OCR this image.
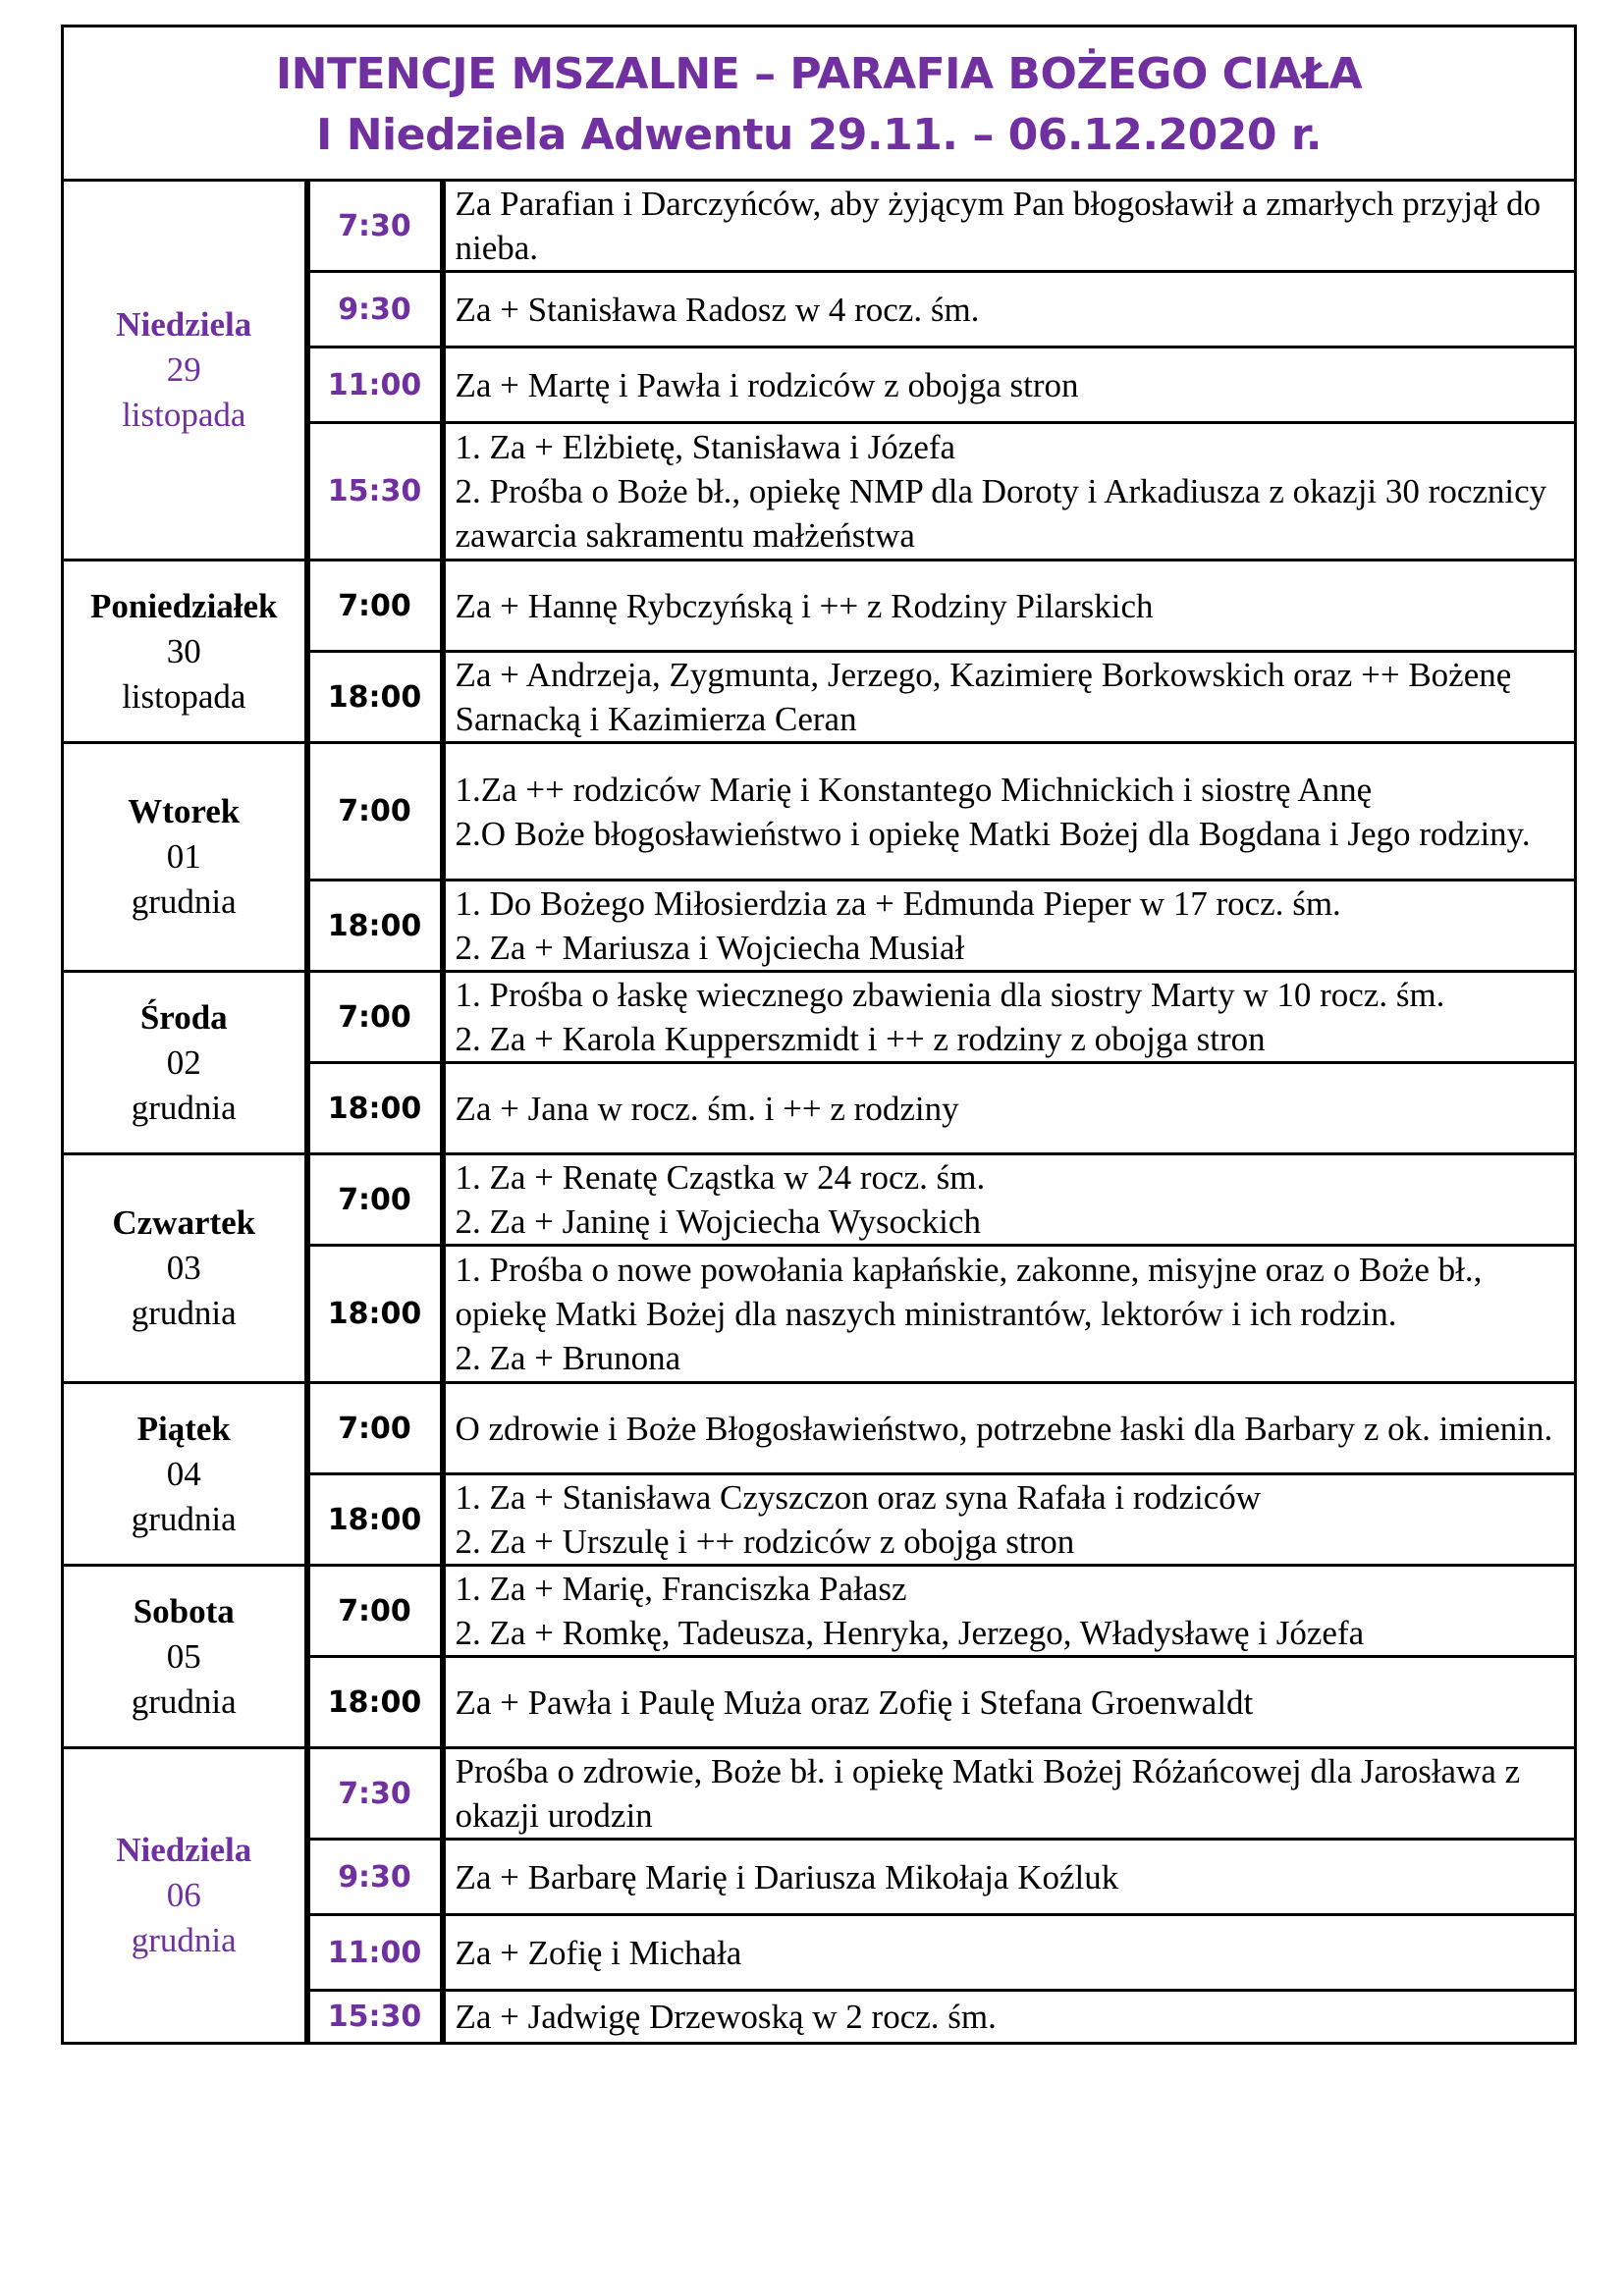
INTENCJE MSZALNE – PARAFIA BOŻEGO CIAŁA
I Niedziela Adwentu 29.11. – 06.12.2020 r.
Niedziela
29
listopada	7:30	Za Parafian i Darczyńców, aby żyjącym Pan błogosławił a zmarłych przyjął do nieba.
	9:30	Za + Stanisława Radosz w 4 rocz. śm.
	11:00	Za + Martę i Pawła i rodziców z obojga stron
	15:30	1. Za + Elżbietę, Stanisława i Józefa
2. Prośba o Boże bł., opiekę NMP dla Doroty i Arkadiusza z okazji 30 rocznicy zawarcia sakramentu małżeństwa

Poniedziałek
30
listopada	7:00	Za + Hannę Rybczyńską i ++ z Rodziny Pilarskich
	18:00	Za + Andrzeja, Zygmunta, Jerzego, Kazimierę Borkowskich oraz ++ Bożenę Sarnacką i Kazimierza Ceran

Wtorek
01
grudnia	7:00	1.Za ++ rodziców Marię i Konstantego Michnickich i siostrę Annę
2.O Boże błogosławieństwo i opiekę Matki Bożej dla Bogdana i Jego rodziny.
	18:00	1. Do Bożego Miłosierdzia za + Edmunda Pieper w 17 rocz. śm.
2. Za + Mariusza i Wojciecha Musiał

Środa
02
grudnia	7:00	1. Prośba o łaskę wiecznego zbawienia dla siostry Marty w 10 rocz. śm.
2. Za + Karola Kupperszmidt i ++ z rodziny z obojga stron
	18:00	Za + Jana w rocz. śm. i ++ z rodziny

Czwartek
03
grudnia	7:00	1. Za + Renatę Cząstka w 24 rocz. śm.
2. Za + Janinę i Wojciecha Wysockich
	18:00	1. Prośba o nowe powołania kapłańskie, zakonne, misyjne oraz o Boże bł., opiekę Matki Bożej dla naszych ministrantów, lektorów i ich rodzin.
2. Za + Brunona

Piątek
04
grudnia	7:00	O zdrowie i Boże Błogosławieństwo, potrzebne łaski dla Barbary z ok. imienin.
	18:00	1. Za + Stanisława Czyszczon oraz syna Rafała i rodziców
2. Za + Urszulę i ++ rodziców z obojga stron

Sobota
05
grudnia	7:00	1. Za + Marię, Franciszka Pałasz
2. Za + Romkę, Tadeusza, Henryka, Jerzego, Władysławę i Józefa
	18:00	Za + Pawła i Paulę Muża oraz Zofię i Stefana Groenwaldt

Niedziela
06
grudnia	7:30	Prośba o zdrowie, Boże bł. i opiekę Matki Bożej Różańcowej dla Jarosława z okazji urodzin
	9:30	Za + Barbarę Marię i Dariusza Mikołaja Koźluk
	11:00	Za + Zofię i Michała
	15:30	Za + Jadwigę Drzewoską w 2 rocz. śm.
